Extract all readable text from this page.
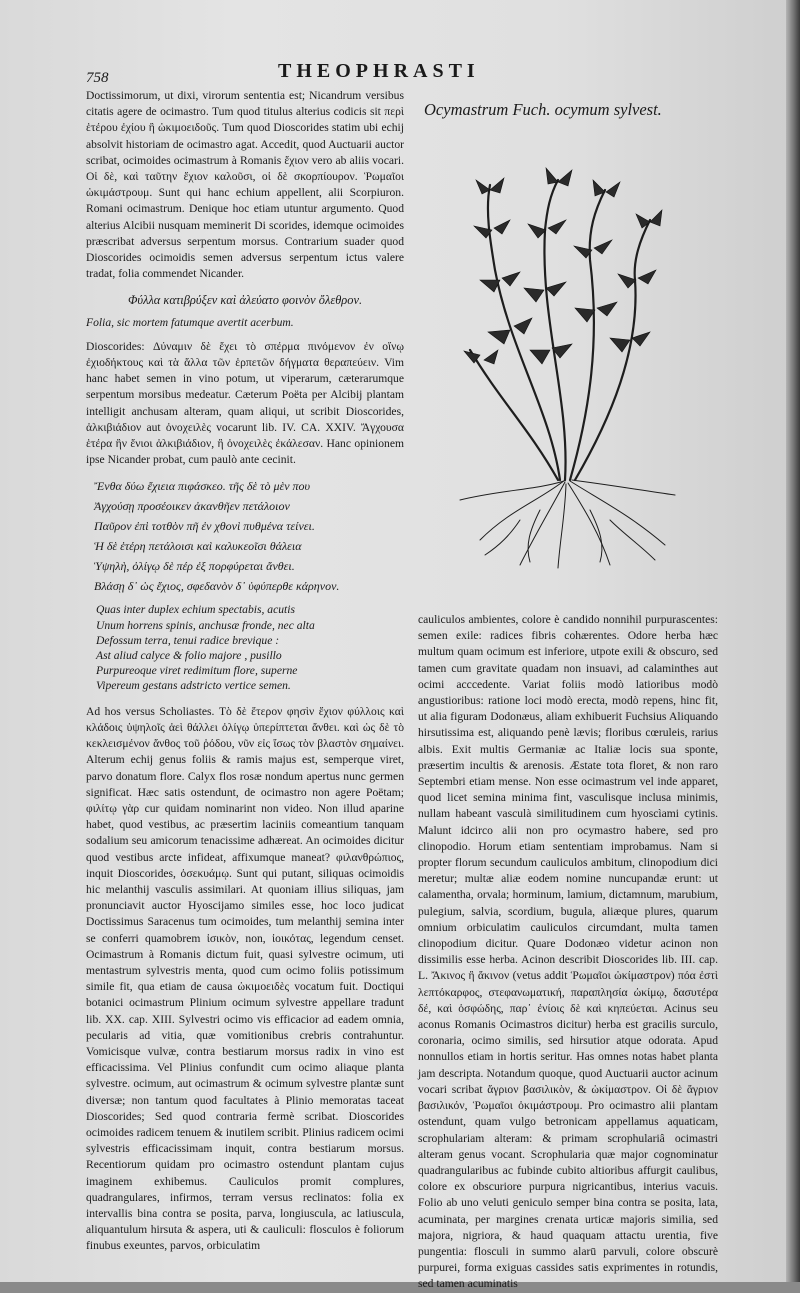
758	THEOPHRASTI

Doctissimorum, ut dixi, virorum sententia est; Nicandrum versibus citatis agere de ocimastro. Tum quod titulus alterius codicis sit περὶ ἑτέρου ἐχίου ἢ ὠκιμοειδοῦς. Tum quod Dioscorides statim ubi echij absolvit historiam de ocimastro agat. Accedit, quod Auctuarii auctor scribat, ocimoides ocimastrum à Romanis ἔχιον vero ab aliis vocari. Οἱ δὲ, καὶ ταῦτην ἔχιον καλοῦσι, οἱ δὲ σκορπίουρον. Ῥωμαῖοι ὠκιμάστρουμ. Sunt qui hanc echium appellent, alii Scorpiuron. Romani ocimastrum. Denique hoc etiam utuntur argumento. Quod alterius Alcibii nusquam meminerit Di scorides, idemque ocimoides præscribat adversus serpentum morsus. Contrarium suader quod Dioscorides ocimoidis semen adversus serpentum ictus valere tradat, folia commendet Nicander.

Φύλλα κατιβρύξεν καὶ ἀλεύατο φοινὸν ὄλεθρον.

Folia, sic mortem fatumque avertit acerbum.

Dioscorides: Δύναμιν δὲ ἔχει τὸ σπέρμα πινόμενον ἐν οἴνῳ ἐχιοδήκτους καὶ τὰ ἄλλα τῶν ἑρπετῶν δήγματα θεραπεύειν. Vim hanc habet semen in vino potum, ut viperarum, cæterarumque serpentum morsibus medeatur. Cæterum Poëta per Alcibij plantam intelligit anchusam alteram, quam aliqui, ut scribit Dioscorides, ἀλκιβιάδιον aut ὀνοχειλὲς vocarunt lib. IV. CA. XXIV. Ἄγχουσα ἑτέρα ἣν ἔνιοι ἀλκιβιάδιον, ἢ ὀνοχειλὲς ἐκάλεσαν. Hanc opinionem ipse Nicander probat, cum paulò ante cecinit.

Ἔνθα δύω ἔχιεια πιφάσκεο. τῆς δὲ τὸ μὲν που
Ἀγχούσῃ προσέοικεν ἀκανθῆεν πετάλοιον
Παῦρον ἐπὶ τοτθὸν πῆ ἐν χθονὶ πυθμένα τείνει.
Ἡ δὲ ἑτέρη πετάλοισι καὶ καλυκεοῖσι θάλεια
Ὑψηλὴ, ὀλίγῳ δὲ πέρ ἐξ πορφύρεται ἄνθει.
Βλάσῃ δ᾽ ὡς ἔχιος, σφεδανὸν δ᾽ ὑφύπερθε κάρηνον.
Quas inter duplex echium spectabis, acutis
Unum horrens spinis, anchusæ fronde, nec alta
Defossum terra, tenui radice brevique :
Ast aliud calyce & folio majore , pusillo
Purpureoque viret redimitum flore, superne
Vipereum gestans adstricto vertice semen.

Ad hos versus Scholiastes. Τὸ δὲ ἕτερον φησὶν ἔχιον φύλλοις καὶ κλάδοις ὑψηλοῖς ἀεὶ θάλλει ὀλίγῳ ὑπερίπτεται ἄνθει. καὶ ὡς δὲ τὸ κεκλεισμένον ἄνθος τοῦ ῥόδου, νῦν εἰς ἴσως τὸν βλαστὸν σημαίνει. Alterum echij genus foliis & ramis majus est, semperque viret, parvo donatum flore. Calyx flos rosæ nondum apertus nunc germen significat. Hæc satis ostendunt, de ocimastro non agere Poëtam; φιλίτῳ γὰρ cur quidam nominarint non video. Non illud aparine habet, quod vestibus, ac præsertim laciniis comeantium tanquam sodalium seu amicorum tenacissime adhæreat. An ocimoides dicitur quod vestibus arcte infideat, affixumque maneat? φιλανθρώπιος, inquit Dioscorides, ὀσεκυάμῳ. Sunt qui putant, siliquas ocimoidis hic melanthij vasculis assimilari. At quoniam illius siliquas, jam pronunciavit auctor Hyoscijamo similes esse, hoc loco judicat Doctissimus Saracenus tum ocimoides, tum melanthij semina inter se conferri quamobrem ἰσικὸν, non, ἰοικότας, legendum censet. Ocimastrum à Romanis dictum fuit, quasi sylvestre ocimum, uti mentastrum sylvestris menta, quod cum ocimo foliis potissimum simile fit, qua etiam de causa ὠκιμοειδὲς vocatum fuit. Doctiqui botanici ocimastrum Plinium ocimum sylvestre appellare tradunt lib. XX. cap. XIII. Sylvestri ocimo vis efficacior ad eadem omnia, pecularis ad vitia, quæ vomitionibus crebris contrahuntur. Vomicisque vulvæ, contra bestiarum morsus radix in vino est efficacissima. Vel Plinius confundit cum ocimo aliaque planta sylvestre. ocimum, aut ocimastrum & ocimum sylvestre plantæ sunt diversæ; non tantum quod facultates à Plinio memoratas taceat Dioscorides; Sed quod contraria fermè scribat. Dioscorides ocimoides radicem tenuem & inutilem scribit. Plinius radicem ocimi sylvestris efficacissimam inquit, contra bestiarum morsus. Recentiorum quidam pro ocimastro ostendunt plantam cujus imaginem exhibemus. Cauliculos promit complures, quadrangulares, infirmos, terram versus reclinatos: folia ex intervallis bina contra se posita, parva, longiuscula, ac latiuscula, aliquantulum hirsuta & aspera, uti & cauliculi: flosculos è foliorum finubus exeuntes, parvos, orbiculatim

Ocymastrum Fuch. ocymum sylvest.

cauliculos ambientes, colore è candido nonnihil purpurascentes: semen exile: radices fibris cohærentes. Odore herba hæc multum quam ocimum est inferiore, utpote exili & obscuro, sed tamen cum gravitate quadam non insuavi, ad calaminthes aut ocimi acccedente. Variat foliis modò latioribus modò angustioribus: ratione loci modò erecta, modò repens, hinc fit, ut alia figuram Dodonæus, aliam exhibuerit Fuchsius Aliquando hirsutissima est, aliquando penè lævis; floribus cœruleis, rarius albis. Exit multis Germaniæ ac Italiæ locis sua sponte, præsertim incultis & arenosis. Æstate tota floret, & non raro Septembri etiam mense. Non esse ocimastrum vel inde apparet, quod licet semina minima fint, vasculisque inclusa minimis, nullam habeant vasculà similitudinem cum hyoscìami cytinis. Malunt idcirco alii non pro ocymastro habere, sed pro clinopodio. Horum etiam sententiam improbamus. Nam si propter florum secundum cauliculos ambitum, clinopodium dici meretur; multæ aliæ eodem nomine nuncupandæ erunt: ut calamentha, orvala; horminum, lamium, dictamnum, marubium, pulegium, salvia, scordium, bugula, aliæque plures, quarum omnium orbiculatim cauliculos circumdant, multa tamen clinopodium dicitur. Quare Dodonæo videtur acinon non dissimilis esse herba. Acinon describit Dioscorides lib. III. cap. L. Ἄκινος ἢ ἄκινον (vetus addit Ῥωμαῖοι ὠκίμαστρον) πόα ἐστὶ λεπτόκαρφος, στεφανωματική, παραπλησία ὠκίμῳ, δασυτέρα δέ, καὶ ὀσφώδης, παρ᾽ ἐνίοις δὲ καὶ κηπεύεται. Acinus seu aconus Romanis Ocimastros dicitur) herba est gracilis surculo, coronaria, ocimo similis, sed hirsutior atque odorata. Apud nonnullos etiam in hortis seritur. Has omnes notas habet planta jam descripta. Notandum quoque, quod Auctuarii auctor acinum vocari scribat ἄγριον βασιλικὸν, & ὠκίμαστρον. Οἱ δὲ ἄγριον βασιλικόν, Ῥωμαῖοι ὀκιμάστρουμ. Pro ocimastro alii plantam ostendunt, quam vulgo betronicam appellamus aquaticam, scrophulariam alteram: & primam scrophulariâ ocimastri alteram genus vocant. Scrophularia quæ major cognominatur quadrangularibus ac fubinde cubito altioribus affurgit caulibus, colore ex obscuriore purpura nigricantibus, interius vacuis. Folio ab uno veluti geniculo semper bina contra se posita, lata, acuminata, per margines crenata urticæ majoris similia, sed majora, nigriora, & haud quaquam attactu urentia, five pungentia: flosculi in summo alarū parvuli, colore obscurè purpurei, forma exiguas cassides satis exprimentes in rotundis, sed tamen acuminatis
